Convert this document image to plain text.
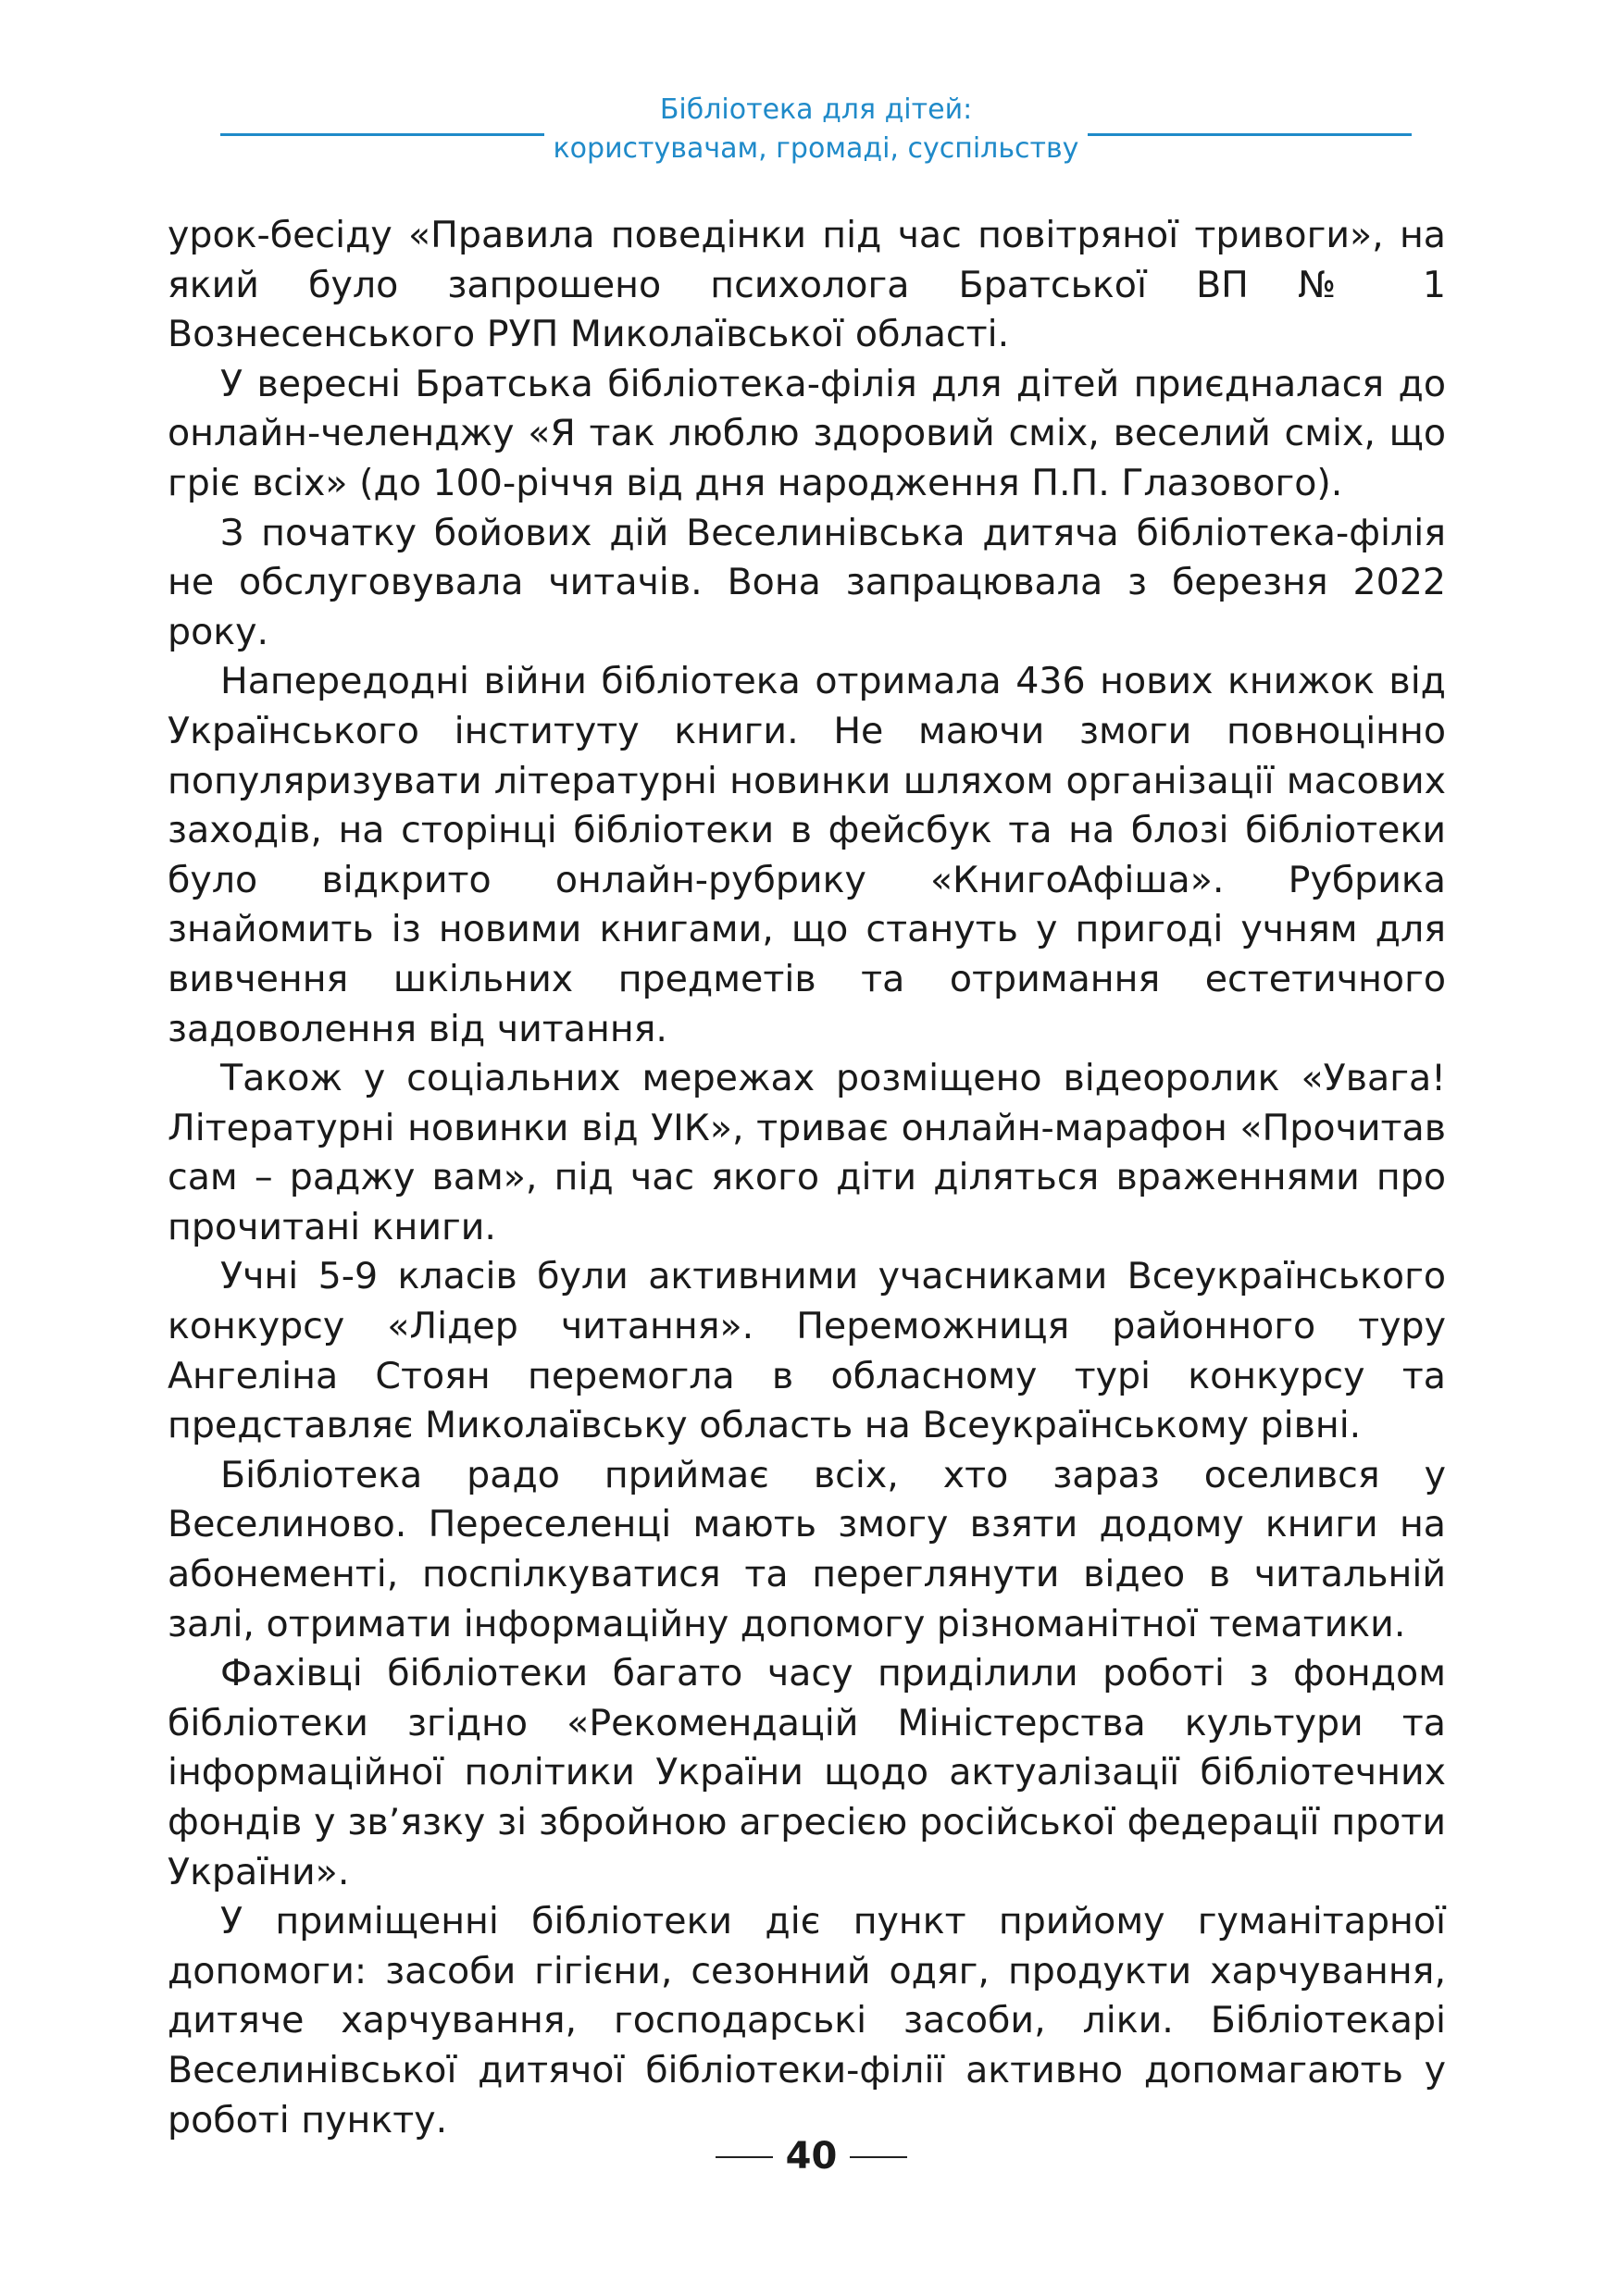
Бібліотека для дітей:
користувачам, громаді, суспільству

урок-бесіду «Правила поведінки під час повітряної тривоги», на який було запрошено психолога Братської ВП № 1 Вознесенського РУП Миколаївської області.

У вересні Братська бібліотека-філія для дітей приєдналася до онлайн-челенджу «Я так люблю здоровий сміх, веселий сміх, що гріє всіх» (до 100-річчя від дня народження П.П. Глазового).

З початку бойових дій Веселинівська дитяча бібліотека-філія не обслуговувала читачів. Вона запрацювала з березня 2022 року.

Напередодні війни бібліотека отримала 436 нових книжок від Українського інституту книги. Не маючи змоги повноцінно популяризувати літературні новинки шляхом організації масових заходів, на сторінці бібліотеки в фейсбук та на блозі бібліотеки було відкрито онлайн-рубрику «КнигоАфіша». Рубрика знайомить із новими книгами, що стануть у пригоді учням для вивчення шкільних предметів та отримання естетичного задоволення від читання.

Також у соціальних мережах розміщено відеоролик «Увага! Літературні новинки від УІК», триває онлайн-марафон «Прочитав сам – раджу вам», під час якого діти діляться враженнями про прочитані книги.

Учні 5-9 класів були активними учасниками Всеукраїнського конкурсу «Лідер читання». Переможниця районного туру Ангеліна Стоян перемогла в обласному турі конкурсу та представляє Миколаївську область на Всеукраїнському рівні.

Бібліотека радо приймає всіх, хто зараз оселився у Веселиново. Переселенці мають змогу взяти додому книги на абонементі, поспілкуватися та переглянути відео в читальній залі, отримати інформаційну допомогу різноманітної тематики.

Фахівці бібліотеки багато часу приділили роботі з фондом бібліотеки згідно «Рекомендацій Міністерства культури та інформаційної політики України щодо актуалізації бібліотечних фондів у зв’язку зі збройною агресією російської федерації проти України».

У приміщенні бібліотеки діє пункт прийому гуманітарної допомоги: засоби гігієни, сезонний одяг, продукти харчування, дитяче харчування, господарські засоби, ліки. Бібліотекарі Веселинівської дитячої бібліотеки-філії активно допомагають у роботі пункту.

40
